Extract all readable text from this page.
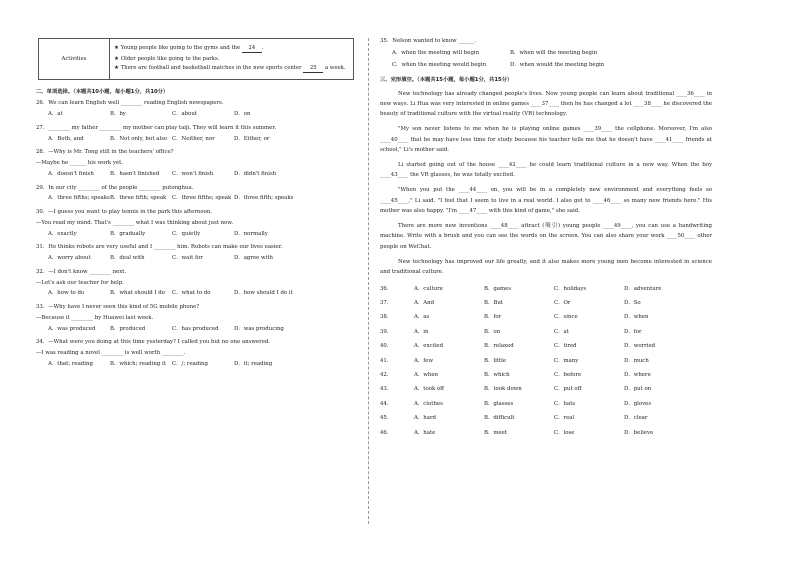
Activities	
★ Young people like going to the gyms and the 24 .
★ Older people like going to the parks.
★ There are football and basketball matches in the new sports center 25 a week.
二、单项选择。（本题共10小题，每小题1分，共10分）
26．We can learn English well ________ reading English newspapers.
A．at	B．by	C．about	D．on
27．________ my father ________ my mother can play taiji. They will learn it this summer.
A．Both, and	B．Not only, but also C．Neither, nor	D．Either, or
28．—Why is Mr. Tong still in the teachers' office?
—Maybe he ______ his work yet.
A．doesn't finish	B．hasn't finished	C．won't finish	D．didn't finish
29．In our city ________ of the people ________ putonghua.
A．three fifths; speaks B．three fifth; speak	C．three fifths; speak D．three fifth; speaks
30．—I guess you want to play tennis in the park this afternoon.
—You read my mind. That's ________ what I was thinking about just now.
A．exactly	B．gradually	C．quietly	D．normally
31．He thinks robots are very useful and I ________ him. Robots can make our lives easier.
A．worry about	B．deal with	C．wait for	D．agree with
32．—I don't know ________ next.
—Let's ask our teacher for help.
A．how to do	B．what should I do	C．what to do	D．how should I do it
33．—Why have I never seen this kind of 5G mobile phone?
—Because it ________ by Huawei last week.
A．was produced	B．produced	C．has produced	D．was producing
34．—What were you doing at this time yesterday? I called you but no one answered.
—I was reading a novel ________ is well worth ________.
A．that; reading	B．which; reading it	C．/; reading	D．it; reading
35．Nelson wanted to know ______.
A．when the meeting will begin	B．when will the meeting begin
C．when the meeting would begin	D．when would the meeting begin
三、完形填空。（本题共15小题，每小题1分，共15分）

New technology has already changed people's lives. Now young people can learn about traditional ____36____ in new ways. Li Hua was very interested in online games ____37____ then he has changed a lot ____38____ he discovered the beauty of traditional culture with the virtual reality (VR) technology.

"My son never listens to me when he is playing online games ____39____ the cellphone. Moreover, I'm also ____40____ that he may have less time for study because his teacher tells me that he doesn't have ____41____ friends at school," Li's mother said.

Li started going out of the house ____42____ he could learn traditional culture in a new way. When the boy ____43____ the VR glasses, he was totally excited.

"When you put the ____44____ on, you will be in a completely new environment and everything feels so ____45____," Li said. "I feel that I seem to live in a real world. I also get to ____46____ so many new friends here." His mother was also happy. "I'm ____47____ with this kind of game," she said.

There are more new inventions ____48____ attract (吸引) young people ____49____, you can use a handwriting machine. Write with a brush and you can see the words on the screen. You can also share your work ____50____ other people on WeChat.

New technology has improved our life greatly, and it also makes more young men become interested in science and traditional culture.

36．	A．culture	B．games	C．holidays	D．adventure
37．	A．And	B．But	C．Or	D．So
38．	A．as	B．for	C．since	D．when
39．	A．in	B．on	C．at	D．for
40．	A．excited	B．relaxed	C．tired	D．worried
41．	A．few	B．little	C．many	D．much
42．	A．when	B．which	C．before	D．where
43．	A．took off	B．took down	C．put off	D．put on
44．	A．clothes	B．glasses	C．hats	D．gloves
45．	A．hard	B．difficult	C．real	D．clear
46．	A．hate	B．meet	C．lose	D．believe
